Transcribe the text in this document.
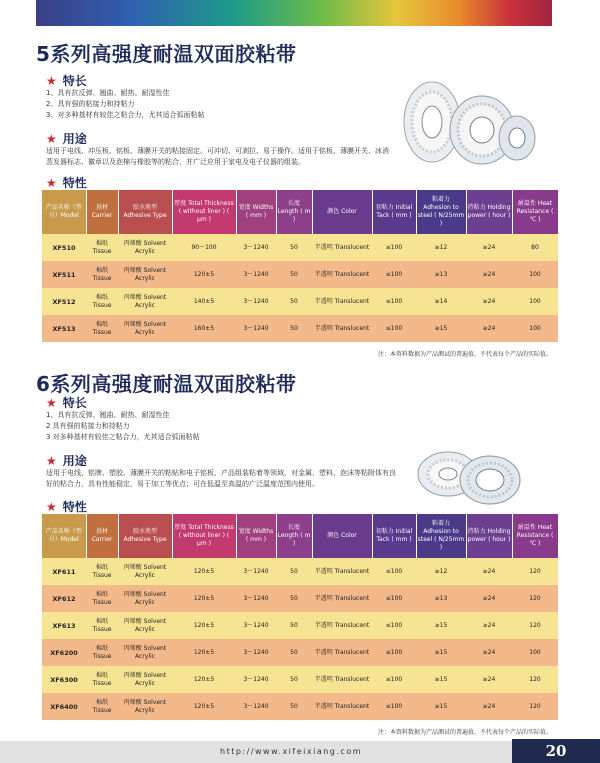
5系列高强度耐温双面胶粘带
★ 特长
1、具有抗反弹、翘曲、耐热、耐湿性佳
2、具有强的粘接力和持粘力
3、对多种基材有较佳之粘合力，尤其适合弧面粘帖
★ 用途
适用于电线、冲压板、铭板、薄膜开关的粘接固定。可冲切、可剥拉、易于操作。适用于铭板、薄膜开关、冰消蒸发器标志、徽章以及泡棉与橡胶等的粘合，并广泛应用于家电及电子仪器的组装。
★ 特性
产品名称（型号）Model	基材 Carrier	胶水类型 Adhesive Type	厚度 Total Thickness ( without liner ) ( μm )	宽度 Widths ( mm )	长度 Length ( m )	颜色 Color	初粘力 Initial Tack ( mm )	粘着力 Adhesion to steel ( N/25mm )	持粘力 Holding power ( hour )	耐温性 Heat Resistance ( ℃ )
XF510	棉纸 Tissue	丙烯酸 Solvent Acrylic	90～100	3～1240	50	半透明 Translucent	≤100	≥12	≥24	80
XF511	棉纸 Tissue	丙烯酸 Solvent Acrylic	120±5	3～1240	50	半透明 Translucent	≤100	≥13	≥24	100
XF512	棉纸 Tissue	丙烯酸 Solvent Acrylic	140±5	3～1240	50	半透明 Translucent	≤100	≥14	≥24	100
XF513	棉纸 Tissue	丙烯酸 Solvent Acrylic	160±5	3～1240	50	半透明 Translucent	≤100	≥15	≥24	100
注：本资料数据为产品测试的普遍值，不代表每个产品的实际值。
6系列高强度耐温双面胶粘带
★ 特长
1、具有抗反弹、翘曲、耐热、耐湿性佳
2 具有强的粘接力和持粘力
3 对多种基材有较佳之粘合力，尤其适合弧面粘帖
★ 用途
适用于电线、铭牌、塑胶、薄膜开关的粘贴和电子铭板，产品组装粘着等领域，对金属、塑料、泡沫等粘附体有良好的粘合力，具有性能稳定，易于加工等优点；可在低温至高温的广泛温度范围内使用。
★ 特性
产品名称（型号）Model	基材 Carrier	胶水类型 Adhesive Type	厚度 Total Thickness ( without liner ) ( μm )	宽度 Widths ( mm )	长度 Length ( m )	颜色 Color	初粘力 Initial Tack ( mm )	粘着力 Adhesion to steel ( N/25mm )	持粘力 Holding power ( hour )	耐温性 Heat Resistance ( ℃ )
XF611	棉纸 Tissue	丙烯酸 Solvent Acrylic	120±5	3～1240	50	半透明 Translucent	≤100	≥12	≥24	120
XF612	棉纸 Tissue	丙烯酸 Solvent Acrylic	120±5	3～1240	50	半透明 Translucent	≤100	≥13	≥24	120
XF613	棉纸 Tissue	丙烯酸 Solvent Acrylic	120±5	3～1240	50	半透明 Translucent	≤100	≥15	≥24	120
XF6200	棉纸 Tissue	丙烯酸 Solvent Acrylic	120±5	3～1240	50	半透明 Translucent	≤100	≥15	≥24	100
XF6300	棉纸 Tissue	丙烯酸 Solvent Acrylic	120±5	3～1240	50	半透明 Translucent	≤100	≥15	≥24	120
XF6400	棉纸 Tissue	丙烯酸 Solvent Acrylic	120±5	3～1240	50	半透明 Translucent	≤100	≥15	≥24	120
注：本资料数据为产品测试的普遍值，不代表每个产品的实际值。
http://www.xifeixiang.com	20
